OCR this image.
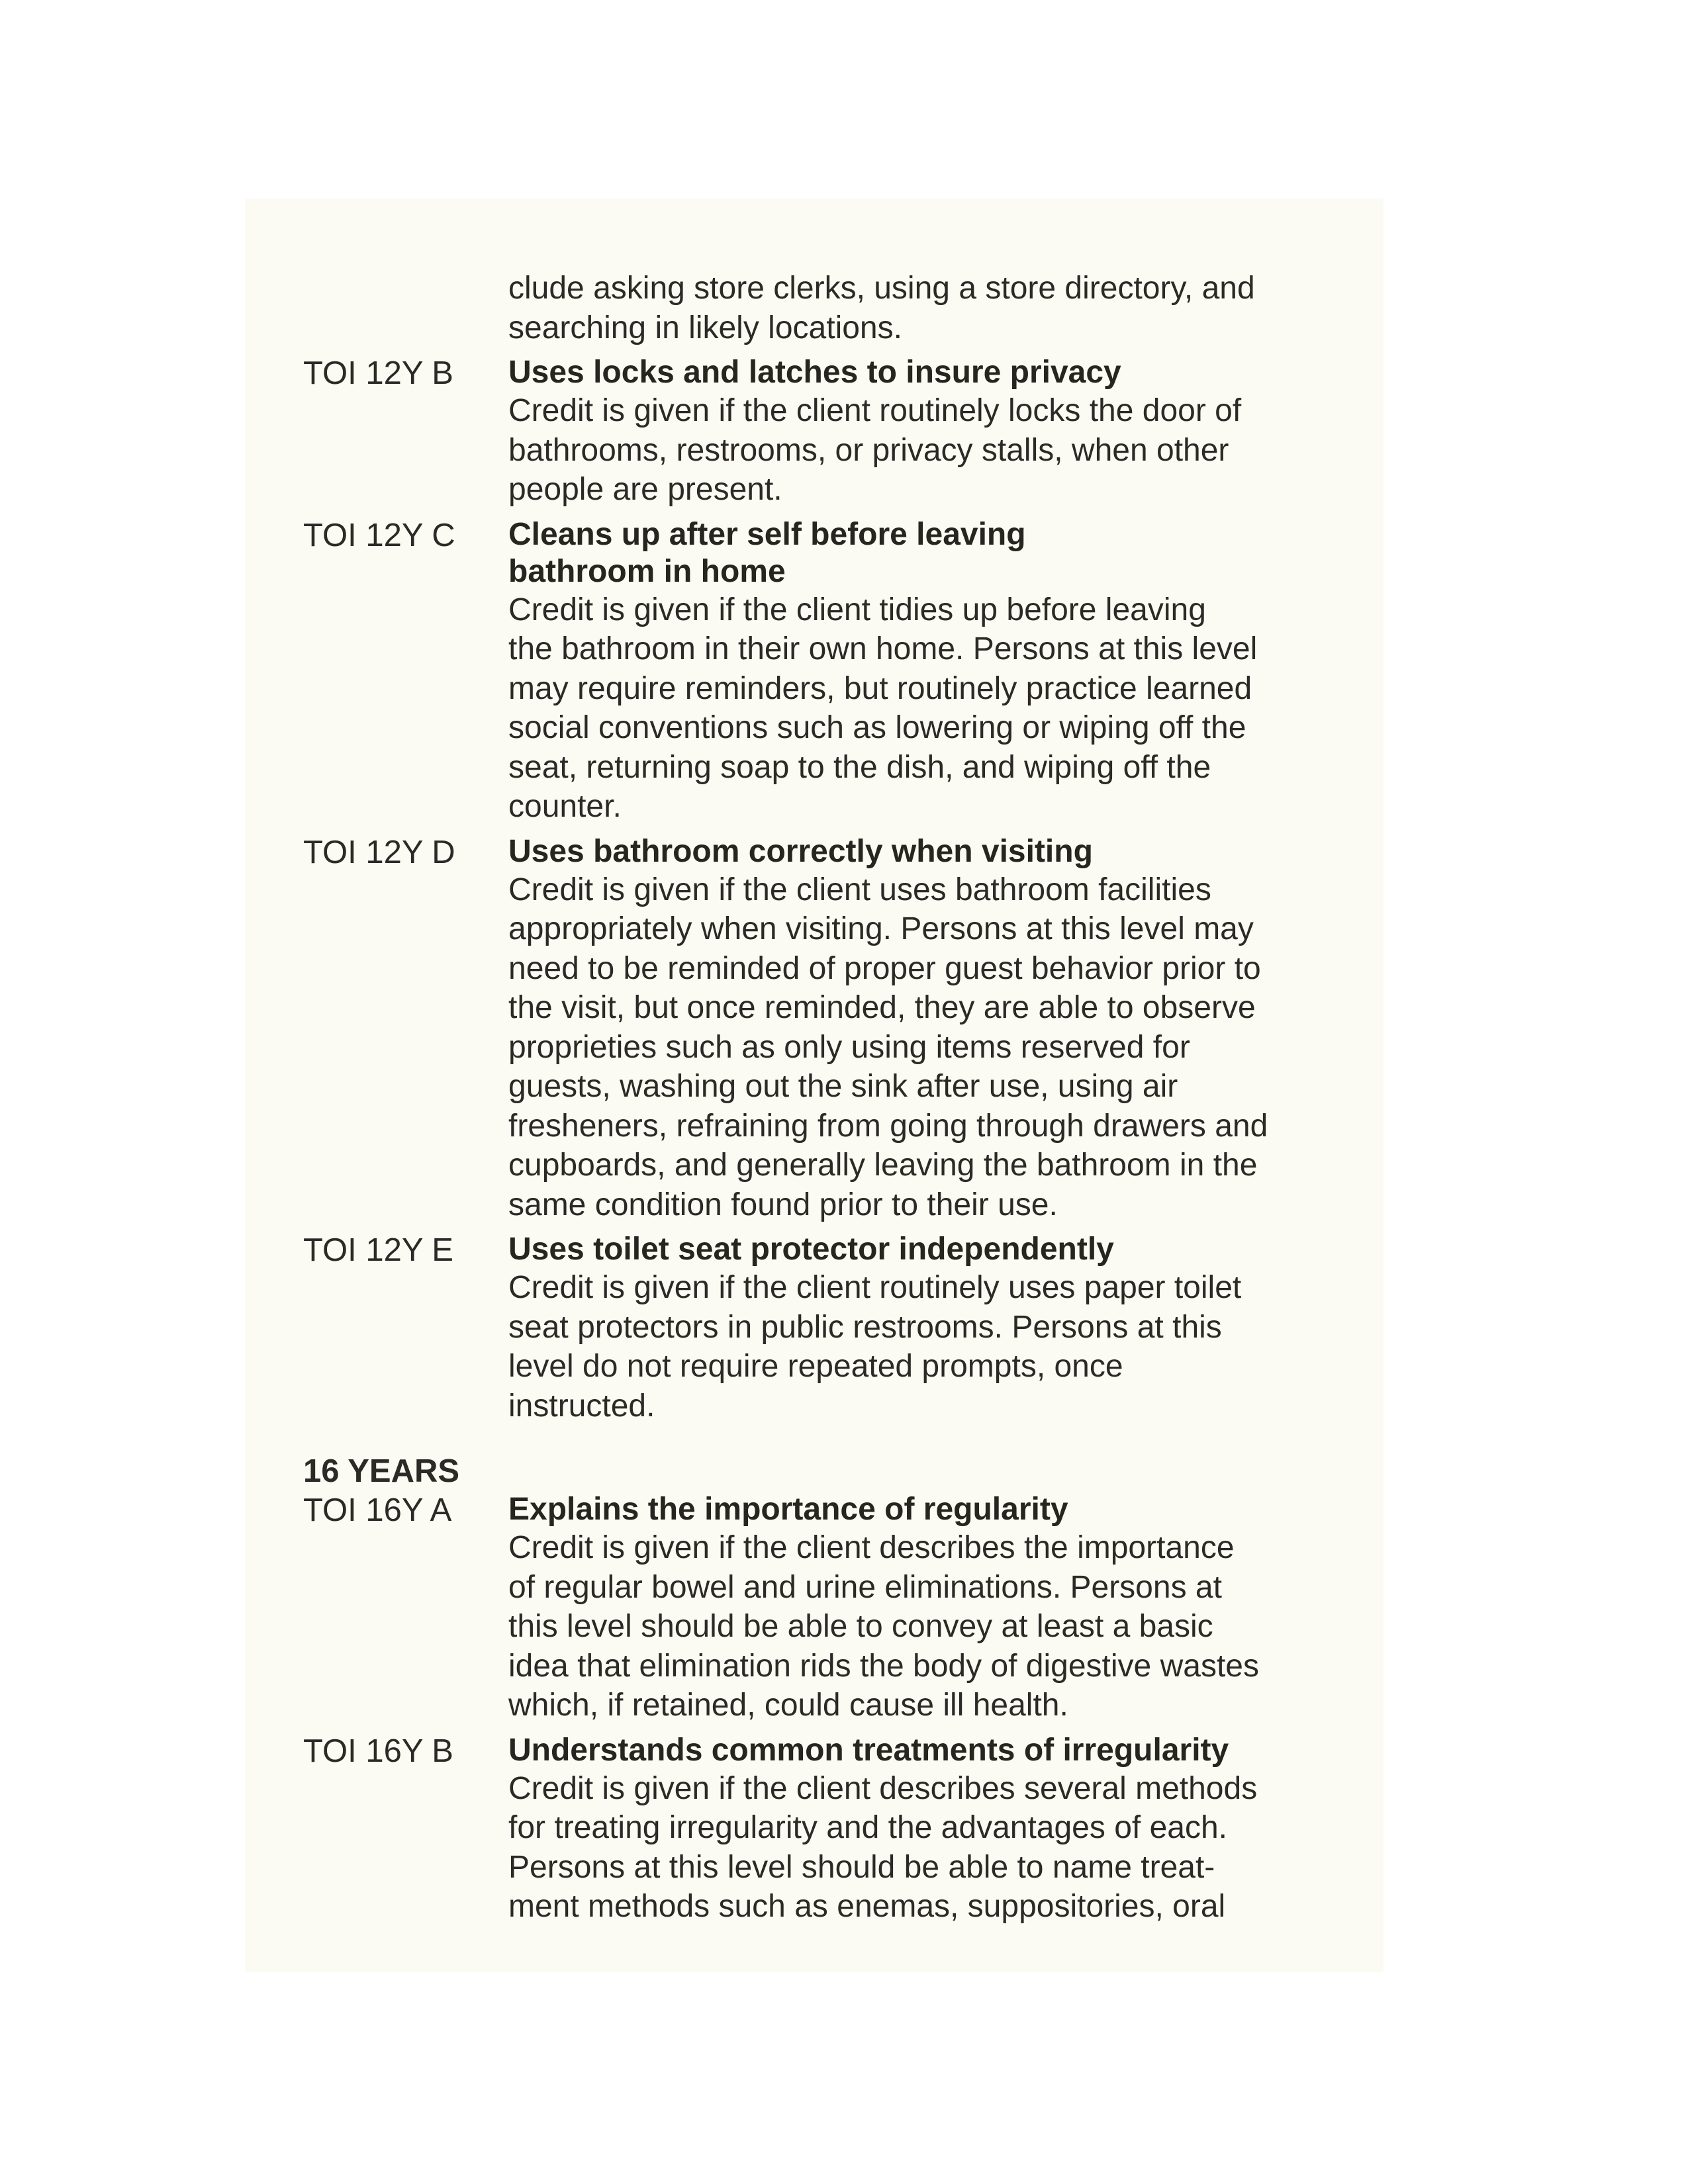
clude asking store clerks, using a store directory, and
searching in likely locations.
TOI 12Y B	Uses locks and latches to insure privacy
Credit is given if the client routinely locks the door of
bathrooms, restrooms, or privacy stalls, when other
people are present.
TOI 12Y C	Cleans up after self before leaving
bathroom in home
Credit is given if the client tidies up before leaving
the bathroom in their own home. Persons at this level
may require reminders, but routinely practice learned
social conventions such as lowering or wiping off the
seat, returning soap to the dish, and wiping off the
counter.
TOI 12Y D	Uses bathroom correctly when visiting
Credit is given if the client uses bathroom facilities
appropriately when visiting. Persons at this level may
need to be reminded of proper guest behavior prior to
the visit, but once reminded, they are able to observe
proprieties such as only using items reserved for
guests, washing out the sink after use, using air
fresheners, refraining from going through drawers and
cupboards, and generally leaving the bathroom in the
same condition found prior to their use.
TOI 12Y E	Uses toilet seat protector independently
Credit is given if the client routinely uses paper toilet
seat protectors in public restrooms. Persons at this
level do not require repeated prompts, once
instructed.
16 YEARS
TOI 16Y A	Explains the importance of regularity
Credit is given if the client describes the importance
of regular bowel and urine eliminations. Persons at
this level should be able to convey at least a basic
idea that elimination rids the body of digestive wastes
which, if retained, could cause ill health.
TOI 16Y B	Understands common treatments of irregularity
Credit is given if the client describes several methods
for treating irregularity and the advantages of each.
Persons at this level should be able to name treat-
ment methods such as enemas, suppositories, oral
